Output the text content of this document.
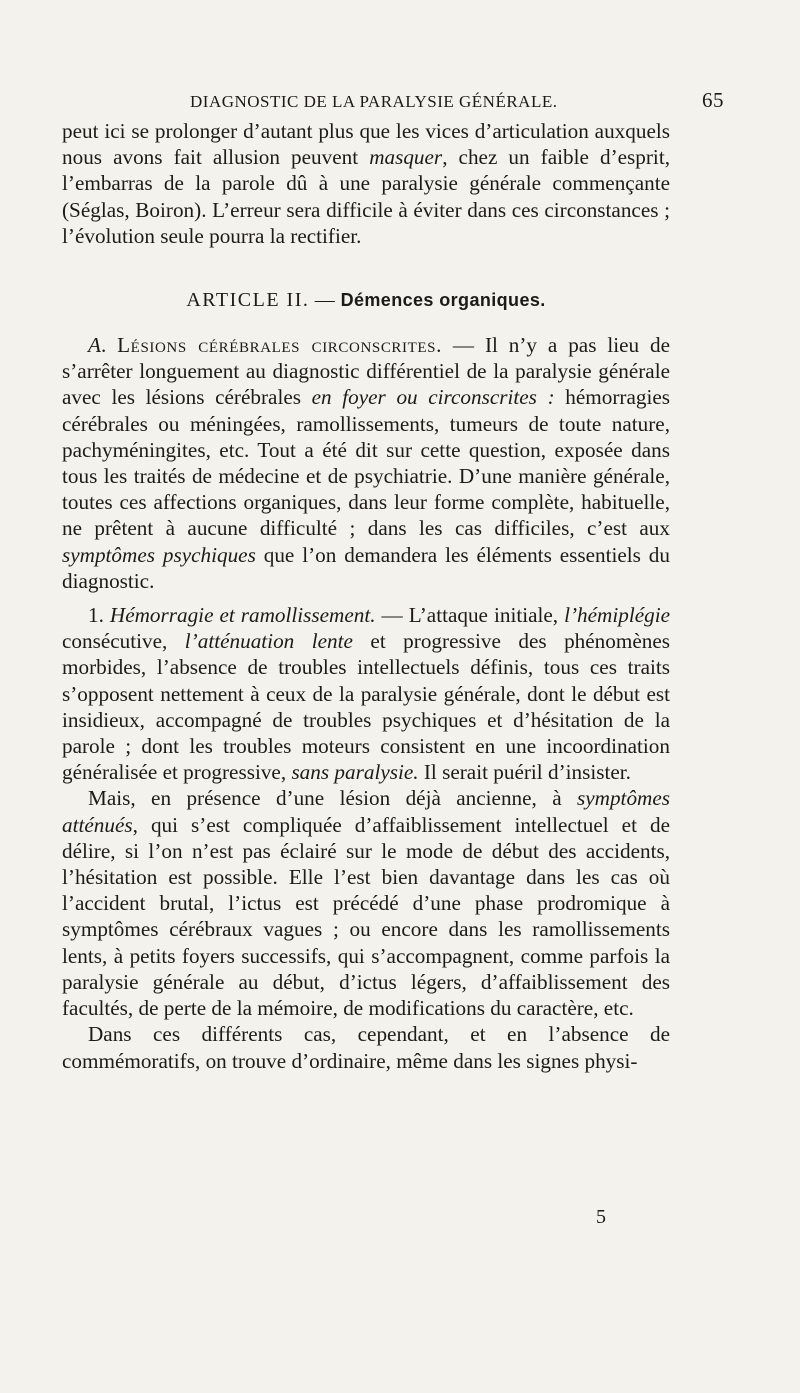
DIAGNOSTIC DE LA PARALYSIE GÉNÉRALE.	65

peut ici se prolonger d’autant plus que les vices d’articulation auxquels nous avons fait allusion peuvent masquer, chez un faible d’esprit, l’embarras de la parole dû à une paralysie générale commençante (Séglas, Boiron). L’erreur sera difficile à éviter dans ces circonstances ; l’évolution seule pourra la rectifier.

ARTICLE II. — Démences organiques.

A. Lésions cérébrales circonscrites. — Il n’y a pas lieu de s’arrêter longuement au diagnostic différentiel de la paralysie générale avec les lésions cérébrales en foyer ou circonscrites : hémorragies cérébrales ou méningées, ramollissements, tumeurs de toute nature, pachyméningites, etc. Tout a été dit sur cette question, exposée dans tous les traités de médecine et de psychiatrie. D’une manière générale, toutes ces affections organiques, dans leur forme complète, habituelle, ne prêtent à aucune difficulté ; dans les cas difficiles, c’est aux symptômes psychiques que l’on demandera les éléments essentiels du diagnostic.

1. Hémorragie et ramollissement. — L’attaque initiale, l’hémiplégie consécutive, l’atténuation lente et progressive des phénomènes morbides, l’absence de troubles intellectuels définis, tous ces traits s’opposent nettement à ceux de la paralysie générale, dont le début est insidieux, accompagné de troubles psychiques et d’hésitation de la parole ; dont les troubles moteurs consistent en une incoordination généralisée et progressive, sans paralysie. Il serait puéril d’insister.

Mais, en présence d’une lésion déjà ancienne, à symptômes atténués, qui s’est compliquée d’affaiblissement intellectuel et de délire, si l’on n’est pas éclairé sur le mode de début des accidents, l’hésitation est possible. Elle l’est bien davantage dans les cas où l’accident brutal, l’ictus est précédé d’une phase prodromique à symptômes cérébraux vagues ; ou encore dans les ramollissements lents, à petits foyers successifs, qui s’accompagnent, comme parfois la paralysie générale au début, d’ictus légers, d’affaiblissement des facultés, de perte de la mémoire, de modifications du caractère, etc.

Dans ces différents cas, cependant, et en l’absence de commémoratifs, on trouve d’ordinaire, même dans les signes physi-

5
